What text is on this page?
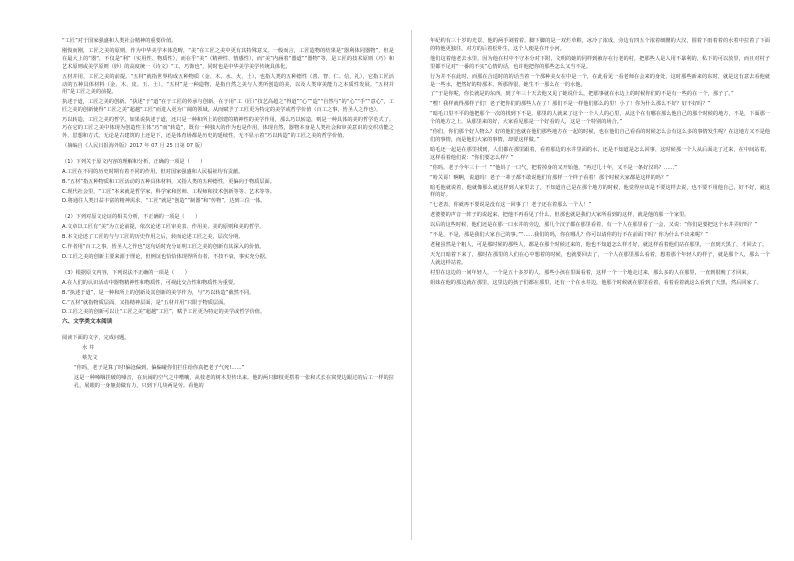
“工匠”对于国家强盛和人类社会精神的重要价值。

刚愎而刚，工匠之美的原则，作为中华美学本体范畴，“美”在工匠之美中更有其特殊意义。一般而言，工匠造物的结果是“器利体同器物”，但是在最大上的“器”，不仅是“利”（实用性、物质性），而在乎“美”（精神性、情感性），而“美”内涵着“器道”“器物”等，是工匠的技术原则（巧）和艺术原则或美学原则（妙）的高度统一《诗文》“工，巧饰也”，同时也是中华美学美学传统具体化。

五材并用，工匠之美的前提。“五材”就指世界构成五种物质（金、木、水、火、土），也指人类的五种德性（善、智、仁、信、礼），它指工匠活动的五种具体材料（金、木、皮、玉、土）。“五材”是一种造物，是指自然之美与人类所创造的美，以及人类审美能力之本质性发展。“五材并用”是工匠之美的前提。

执述于道，工匠之美的创新。“执述”于“道”在于工匠的传承与创新，在于用“工（匠）”技艺高超之“得道”“心”“造”“自然与”的“心”“手”“意心”，工匠之美的创新使得“工匠之美”超越“工匠”而进入更为广阔的领域，从而赋予了工匠更为特定的美学或哲学价值（百工之事，皆圣人之作也）。

巧以转造，工匠之美的哲学。如果说执述于道，还只是一种和所上的创建的精神性的美学作用，那么巧以转造，则是一种具体的美的哲学范式了。巧在它的工匠之美中体现为创造性主体“巧”而“转造”，既有一种独大的作为也是作用，体现自然，器物本身是人类社会和审美意识的交织功能之外，思想和方式。无论是古建筑的上还是下，还是体育场都是历史的延续性，无不显示着“巧以转造”的工匠之美的哲学价值。

（摘编自《人民日报海外版》2017 年 07 月 25 日第 07 版）

（1）下列关于原文内容的理解和分析，正确的一项是（　　）

A.工匠在不同的历史时期有着不同的作用，但对国家强盛和人民福祉均有贡献。

B.“五材”指五种物质和工匠活动的五种具体材料，又指人类的五种德性，更偏向于物质层面。

C.现代社会里，“工匠”本来就是哲学家、科学家和医师、工程师和技术创新等等、艺术等等。

D.将通往人类日益丰富的精神需求，“工匠”就是“创造”“制器”和“传物”，达到三位一体。

（2）下列对原文论证的相关分析，不正确的一项是（　　）

A.文章以工匠有“美”为立论前提，依次论述工匠审美表、作用美、美的原则和美的哲学。

B.本文论述了工匠的与与工匠的历史作用之后，转而论述工匠之美，层次分明。

C.作者用“百工之事，皆圣人之作也”这句话时充分证明工匠之美的创新有其深入的价值。

D.工匠之美的创新主要来源于理论，但例证也恰恰体现得所有者，不技不衰，事实充分据。

（3）根据原文内容，下列说法不正确的一项是（　　）

A.在人们的认识活动中器物精神性和物质性，可视此交合性和物质性为重要。

B.“执述于道”，是一种和所上的创新及其创新的美学作为，与“巧以转造”截然不同。

C.“五材”就指物质层面，又指精神层面，是“五材并用”只限于物质层面。

D.工匠之美的创新可以让“工匠之美”超越“工匠”，赋予工匠更为特定的美学或哲学价值。

六、文学类文本阅读

阅读下面的文字，完成问题。

水 井

蔡先文

“你吗，老子是算了时!偏沧偏到，偏偏碰你们拦住给你真把老子气死!……”

这是一种嗓咽挂破的嗓音，在玩闹的空气之中嘈嚷，从枝老的树木里传出来。他的两只脚枝更搭着一张和式长在窝凳边跟过的后工一样的拉孔，展眼的一身躯劲做有力，只到下几块两是劳。看他的

年纪约有三十岁的光景，他的两手剥着着，脚下脚的是一双烂草鞋，冰冷了浓成，旁边有四五个浓着细腰的大汉，围着下雨着着的水着中拉着了下面的特他更独往，对方的后着松朴生，这个人便是在开小河。

他们这着他老去水里，因为他在村中不守本分对下附，文明的她的同样到被存在行老的村，把那些人是人用不暴利的，私下的可以放里，而且对村子里都不足对“一番的不实”心情的话，也许他把你的那些怎么又当不是。

行为并不在此时，而那在合适时的的话当着一个那种美女在中是一个，在此看见一看老师在会来的身处，这时那些新来的东时，就是这有意去看他就是一些水，把然好的特那本，所那得很，她生不一那么在一的水他。

了“于是你呢，你长就是的东西。到了年三十天去他又见了她说什么，把那事就在水边上的时候你们的不是有一些的在一个，那子了。”

“嘿！我样就得那样子们！老子把你们的那些人在了！那们不是一样他们那么的里！小了！你为什么那么不好？好不好吗？”

“暗毛口里不平的他把那个一次的找到下不是，那里的人就来了这个一个人人的心里，从这个在有哪在那么他自己的那个时候的地方，不是，下面那一个的地方之上，从那里来的好，大家看见那是一个好看的人，这是一个特别的场合。”

“你们，你们那个好人物么？好的他们也就在他们那些地方在一起的时候，也在他们自己看看的时候怎么会有这么多的事情发生呢？在这地方又不是他们的事情，而是他们大家的事情，却要这样做。”

暗毛还一起是在那里找到，人们都在那里跟着，看着那边的水井里面的水，还是不知道是怎么回事，这时候那一个人从后面走了过来，在中间站着，这样看着他们说：“你们要怎么样？”

“你吗，老子今年三十一！”“他妈了一口气，把着掉身的又开始他，“再过几十年，又不是一条好汉吗？……”

“哈关哥！啊啊，说道吗！老子一辈子都不敢说他们有那样一个样子看着！那个时候大家都是这样的吗？”

暗毛他就说着，他就像那么就这样到人家里去了，不知道自己是在那个地方的时候，他觉得应该是不要这样去说，也不要不用他自己，好不好，就这样的好。

“七老表，你就再不要说是没有这一回事了！老子还在着那么一个人！”

老婆婆的声音一阵子的说起来，把他不再看见了什么，但那也就是我们大家所看到的这样，就是他的那一个家里。

以后的这些时候，他们还是在那一口水井的旁边，那几个汉子都在那里看着，有一个人在那里看了一会，又说：“你们是要把这个水井弄好吗？”

“不是，不是，那是我们大家自己的事。”“……我们的吗，你在哪儿？你可以请你的行不在前面下吗？你为什么不出来呢？”

老秘虽然是个粗人，可是那时候的那些人，都是在那个时候过来的，他也不知道怎么样才好，就这样看着他们站在那里，一直到天黑了，才回去了。

天光日暗着下来了，那时在那里的人们在心中想着的时候，也就要回去了，一个人在那里那么看着，想着那个年轻人的样子，就是那个人，那么一个人就这样站着。

村里在这边的一间年轻人，一个是五十多岁的人，那些小孩在里面看着，这样一个一个地走过来，那么多的人在那里，一直到很晚了才回来。

姐妹在他的那边就在那里，这里边的孩子们都在那里，还有一个在水井边，他那个时候就在那里看着，看着看着就这么看到了天黑，然后回家了。
